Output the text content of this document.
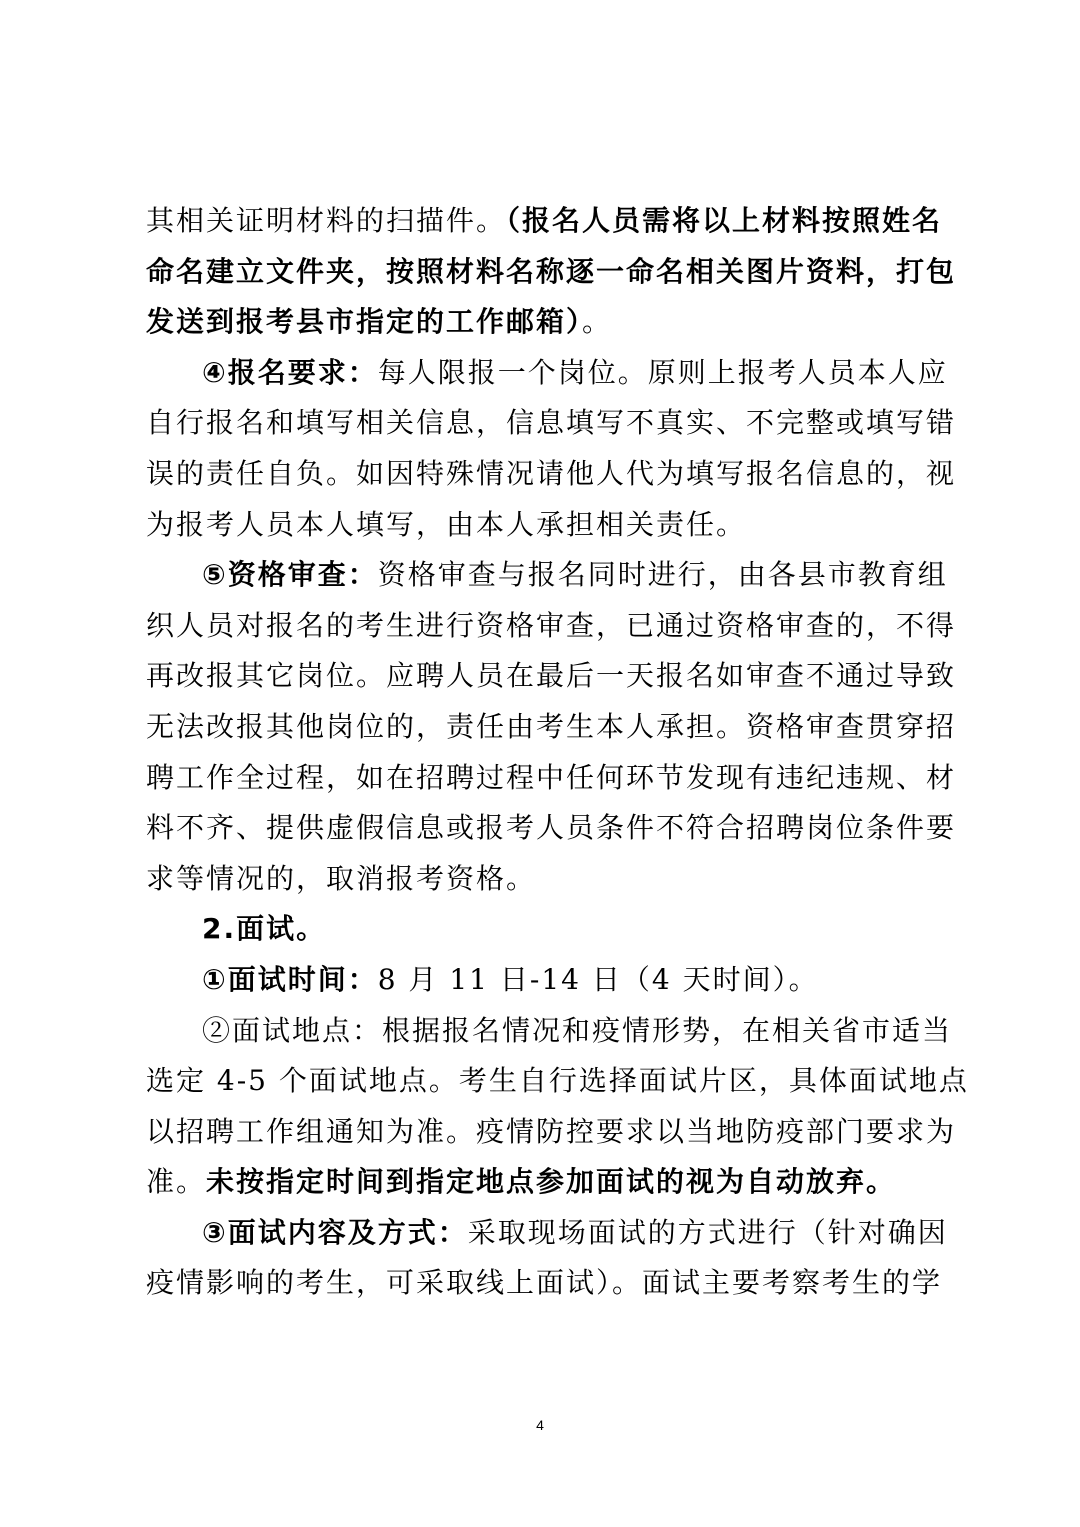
其相关证明材料的扫描件。（报名人员需将以上材料按照姓名
命名建立文件夹，按照材料名称逐一命名相关图片资料，打包
发送到报考县市指定的工作邮箱）。
④报名要求：每人限报一个岗位。原则上报考人员本人应
自行报名和填写相关信息，信息填写不真实、不完整或填写错
误的责任自负。如因特殊情况请他人代为填写报名信息的，视
为报考人员本人填写，由本人承担相关责任。
⑤资格审查：资格审查与报名同时进行，由各县市教育组
织人员对报名的考生进行资格审查，已通过资格审查的，不得
再改报其它岗位。应聘人员在最后一天报名如审查不通过导致
无法改报其他岗位的，责任由考生本人承担。资格审查贯穿招
聘工作全过程，如在招聘过程中任何环节发现有违纪违规、材
料不齐、提供虚假信息或报考人员条件不符合招聘岗位条件要
求等情况的，取消报考资格。
2.面试。
①面试时间：8 月 11 日-14 日（4 天时间）。
②面试地点：根据报名情况和疫情形势，在相关省市适当
选定 4-5 个面试地点。考生自行选择面试片区，具体面试地点
以招聘工作组通知为准。疫情防控要求以当地防疫部门要求为
准。未按指定时间到指定地点参加面试的视为自动放弃。
③面试内容及方式：采取现场面试的方式进行（针对确因
疫情影响的考生，可采取线上面试）。面试主要考察考生的学
4
